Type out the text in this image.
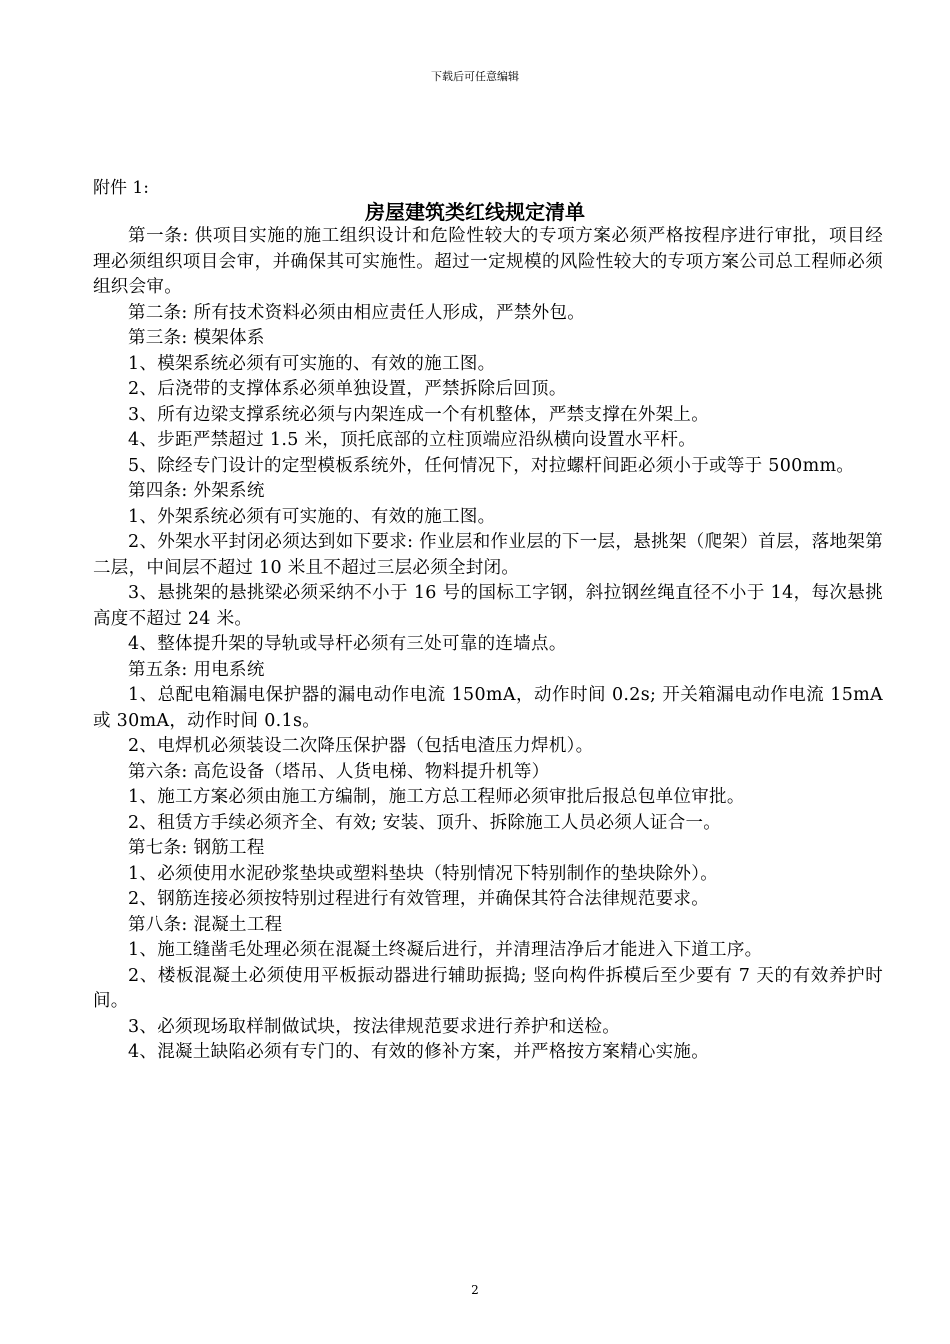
下载后可任意编辑
附件 1:
房屋建筑类红线规定清单

第一条: 供项目实施的施工组织设计和危险性较大的专项方案必须严格按程序进行审批，项目经理必须组织项目会审，并确保其可实施性。超过一定规模的风险性较大的专项方案公司总工程师必须组织会审。

第二条: 所有技术资料必须由相应责任人形成，严禁外包。

第三条: 模架体系

1、模架系统必须有可实施的、有效的施工图。

2、后浇带的支撑体系必须单独设置，严禁拆除后回顶。

3、所有边梁支撑系统必须与内架连成一个有机整体，严禁支撑在外架上。

4、步距严禁超过 1.5 米，顶托底部的立柱顶端应沿纵横向设置水平杆。

5、除经专门设计的定型模板系统外，任何情况下，对拉螺杆间距必须小于或等于 500mm。

第四条: 外架系统

1、外架系统必须有可实施的、有效的施工图。

2、外架水平封闭必须达到如下要求: 作业层和作业层的下一层，悬挑架（爬架）首层，落地架第二层，中间层不超过 10 米且不超过三层必须全封闭。

3、悬挑架的悬挑梁必须采纳不小于 16 号的国标工字钢，斜拉钢丝绳直径不小于 14，每次悬挑高度不超过 24 米。

4、整体提升架的导轨或导杆必须有三处可靠的连墙点。

第五条: 用电系统

1、总配电箱漏电保护器的漏电动作电流 150mA，动作时间 0.2s; 开关箱漏电动作电流 15mA 或 30mA，动作时间 0.1s。

2、电焊机必须装设二次降压保护器（包括电渣压力焊机）。

第六条: 高危设备（塔吊、人货电梯、物料提升机等）

1、施工方案必须由施工方编制，施工方总工程师必须审批后报总包单位审批。

2、租赁方手续必须齐全、有效; 安装、顶升、拆除施工人员必须人证合一。

第七条: 钢筋工程

1、必须使用水泥砂浆垫块或塑料垫块（特别情况下特别制作的垫块除外）。

2、钢筋连接必须按特别过程进行有效管理，并确保其符合法律规范要求。

第八条: 混凝土工程

1、施工缝凿毛处理必须在混凝土终凝后进行，并清理洁净后才能进入下道工序。

2、楼板混凝土必须使用平板振动器进行辅助振捣; 竖向构件拆模后至少要有 7 天的有效养护时间。

3、必须现场取样制做试块，按法律规范要求进行养护和送检。

4、混凝土缺陷必须有专门的、有效的修补方案，并严格按方案精心实施。

2
